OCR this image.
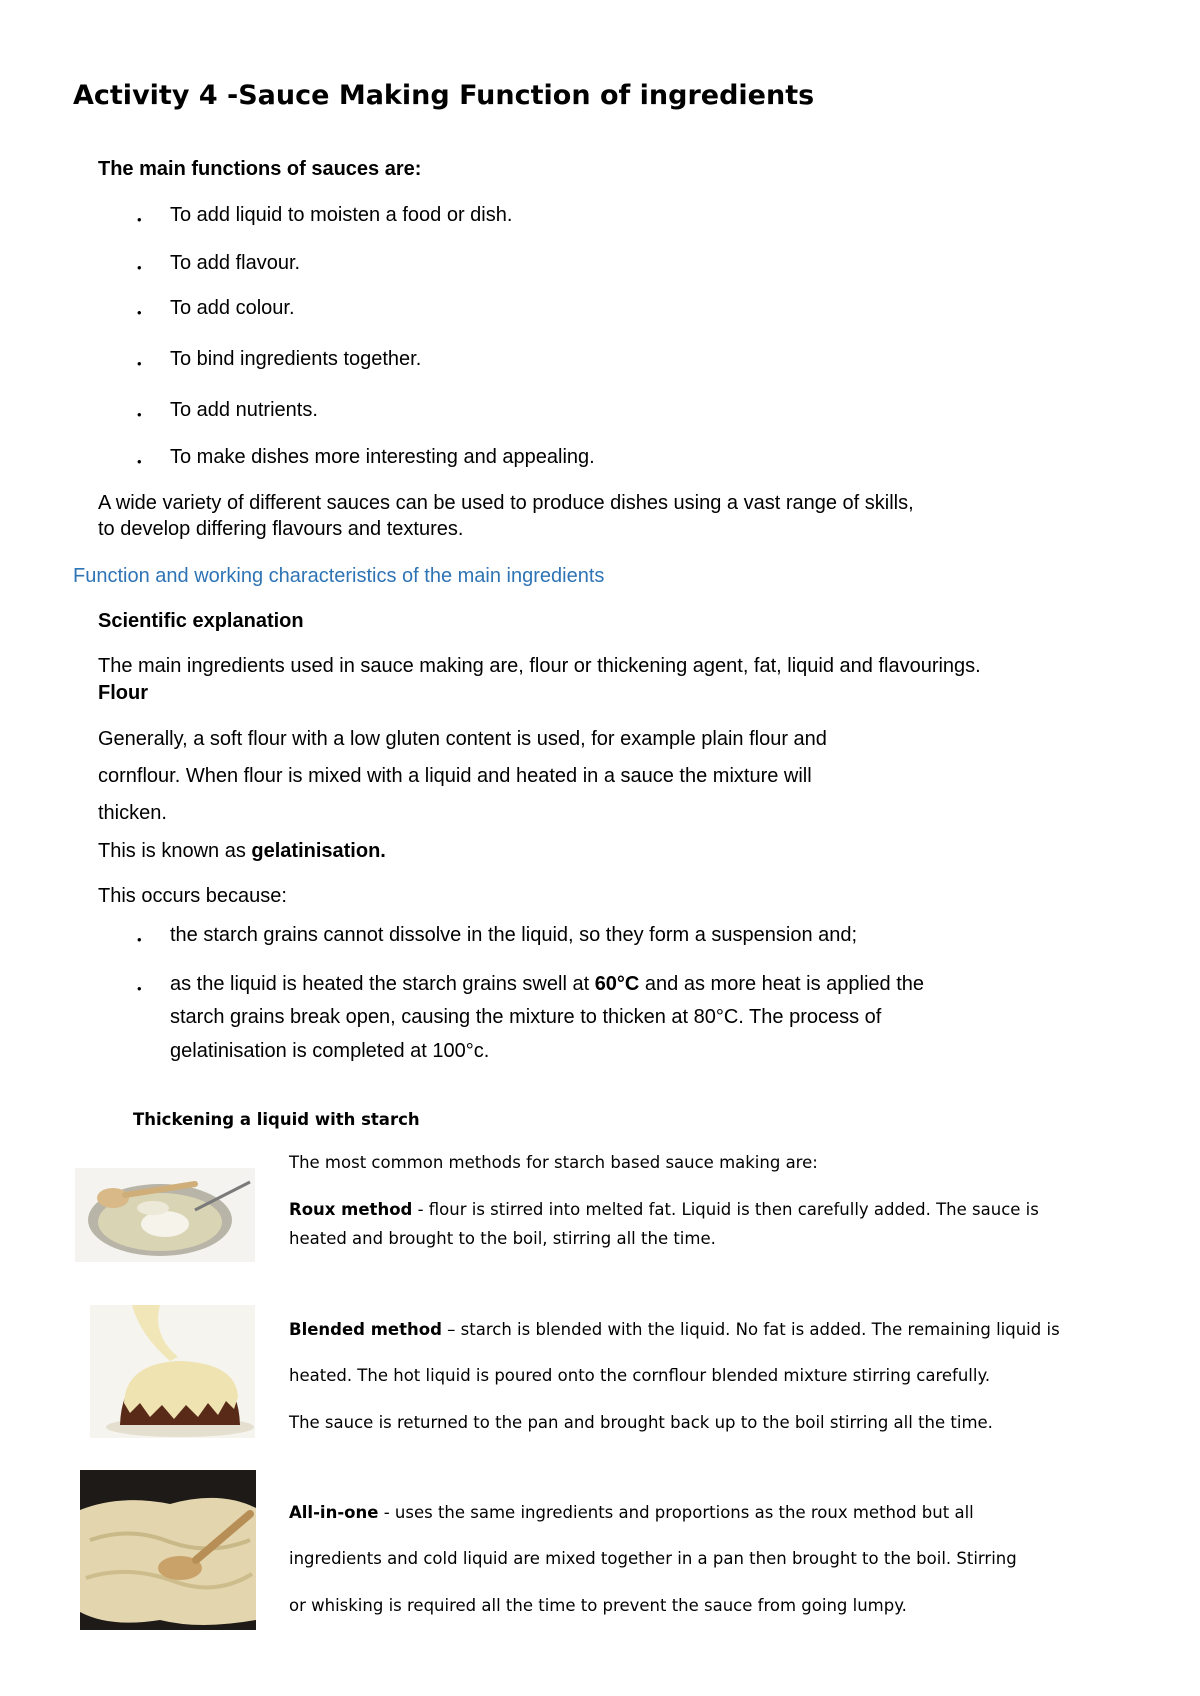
Activity 4 -Sauce Making Function of ingredients
The main functions of sauces are:
• To add liquid to moisten a food or dish.
• To add flavour.
• To add colour.
• To bind ingredients together.
• To add nutrients.
• To make dishes more interesting and appealing.
A wide variety of different sauces can be used to produce dishes using a vast range of skills,
to develop differing flavours and textures.
Function and working characteristics of the main ingredients
Scientific explanation
The main ingredients used in sauce making are, flour or thickening agent, fat, liquid and flavourings.
Flour
Generally, a soft flour with a low gluten content is used, for example plain flour and
cornflour. When flour is mixed with a liquid and heated in a sauce the mixture will
thicken.
This is known as gelatinisation.
This occurs because:
• the starch grains cannot dissolve in the liquid, so they form a suspension and;
• as the liquid is heated the starch grains swell at 60°C and as more heat is applied the
starch grains break open, causing the mixture to thicken at 80°C. The process of
gelatinisation is completed at 100°c.
Thickening a liquid with starch
The most common methods for starch based sauce making are:
Roux method - flour is stirred into melted fat. Liquid is then carefully added. The sauce is
heated and brought to the boil, stirring all the time.
Blended method – starch is blended with the liquid. No fat is added. The remaining liquid is
heated. The hot liquid is poured onto the cornflour blended mixture stirring carefully.
The sauce is returned to the pan and brought back up to the boil stirring all the time.
All-in-one - uses the same ingredients and proportions as the roux method but all
ingredients and cold liquid are mixed together in a pan then brought to the boil. Stirring
or whisking is required all the time to prevent the sauce from going lumpy.
